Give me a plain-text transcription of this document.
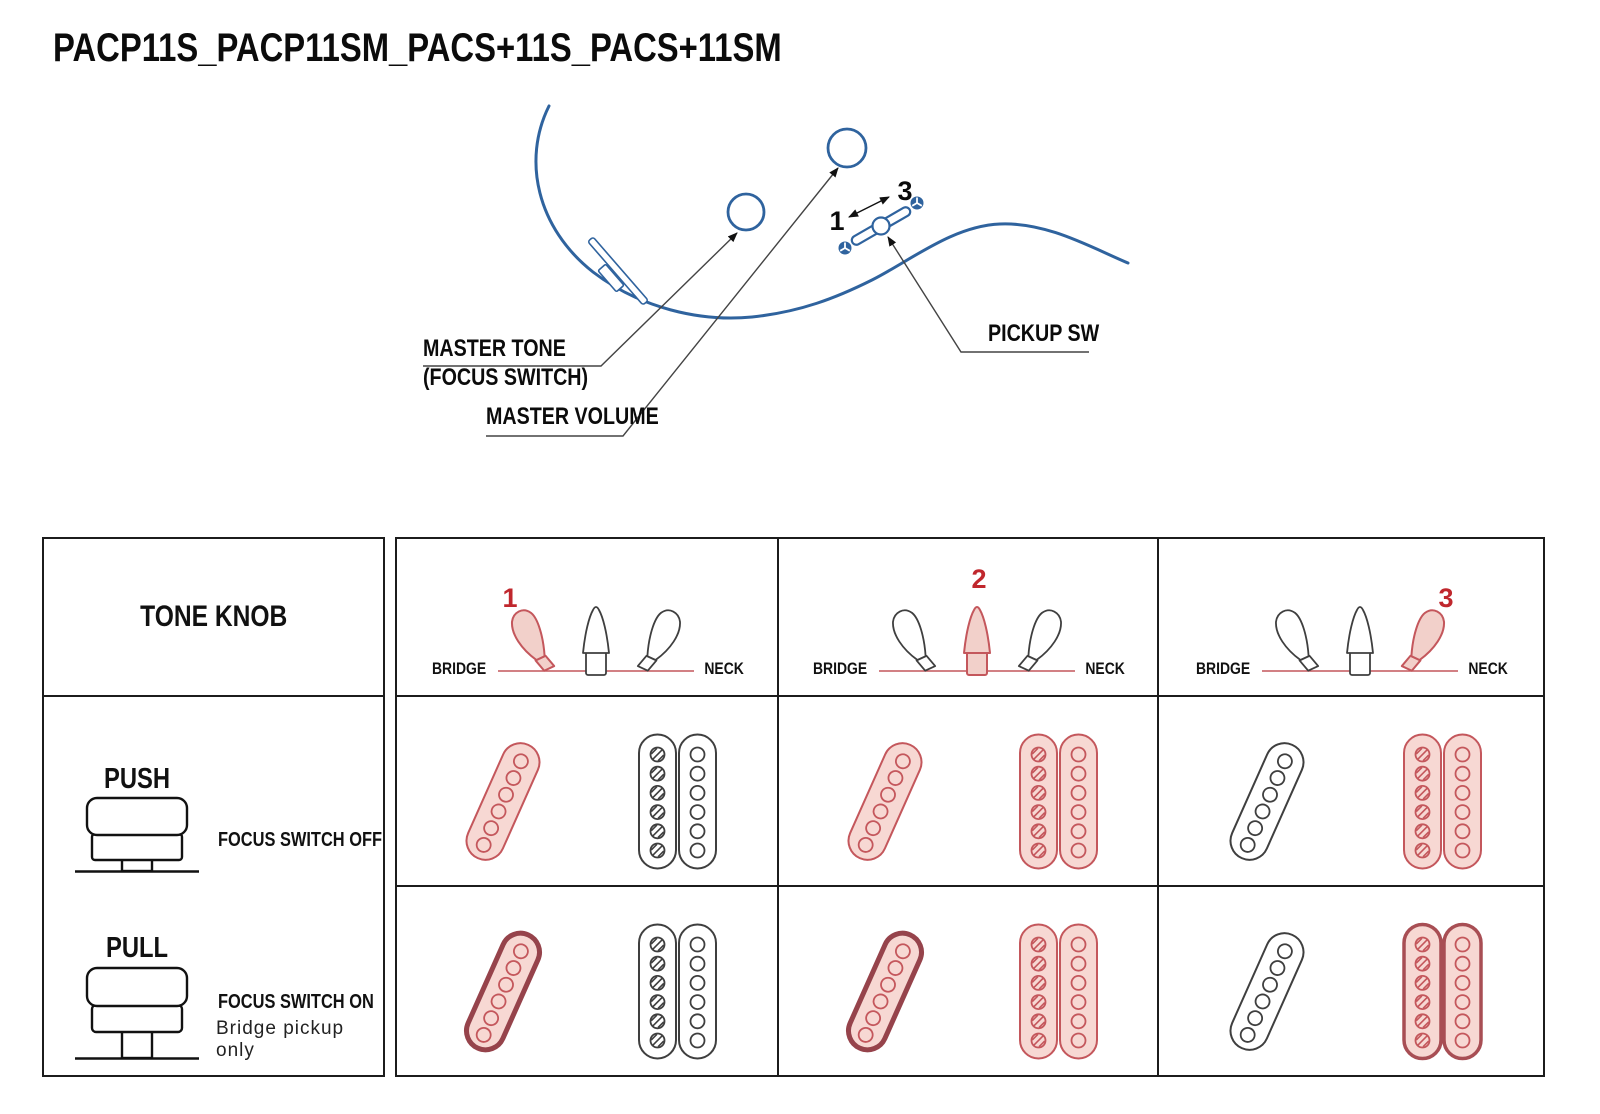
PACP11S_PACP11SM_PACS+11S_PACS+11SM
1
3
MASTER TONE
(FOCUS SWITCH)
MASTER VOLUME
PICKUP SW
TONE KNOB
PUSH
FOCUS SWITCH OFF
PULL
FOCUS SWITCH ON
Bridge pickup only
BRIDGE
1
NECK	BRIDGE
2
NECK	BRIDGE
3
NECK
